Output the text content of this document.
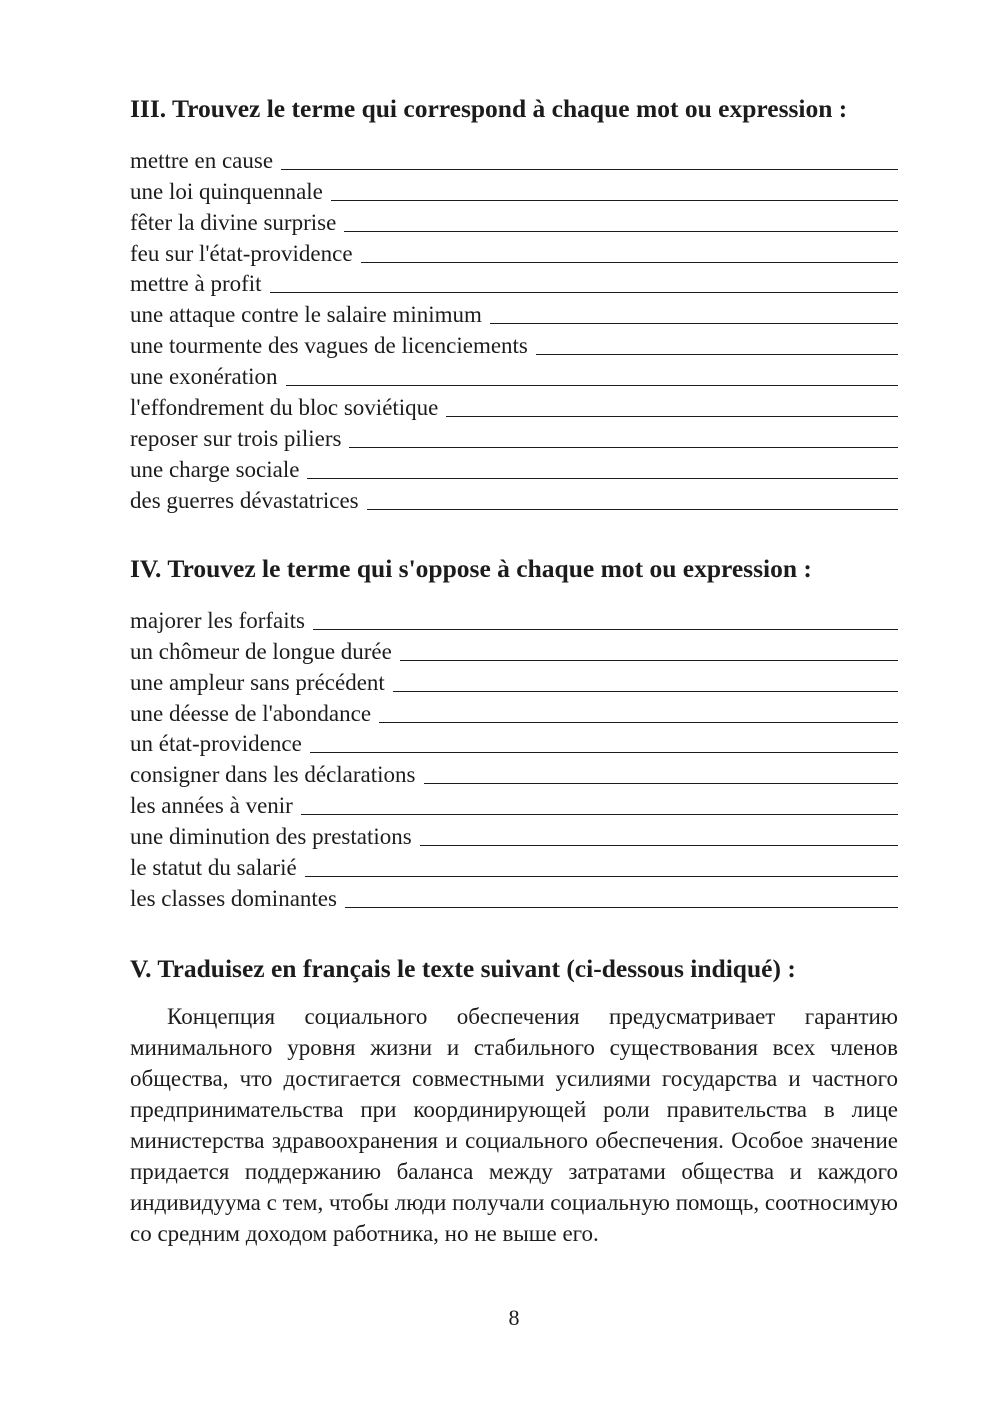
III. Trouvez le terme qui correspond à chaque mot ou expression :
mettre en cause
une loi quinquennale
fêter la divine surprise
feu sur l'état-providence
mettre à profit
une attaque contre le salaire minimum
une tourmente des vagues de licenciements
une exonération
l'effondrement du bloc soviétique
reposer sur trois piliers
une charge sociale
des guerres dévastatrices
IV. Trouvez le terme qui s'oppose à chaque mot ou expression :
majorer les forfaits
un chômeur de longue durée
une ampleur sans précédent
une déesse de l'abondance
un état-providence
consigner dans les déclarations
les années à venir
une diminution des prestations
le statut du salarié
les classes dominantes
V. Traduisez en français le texte suivant (ci-dessous indiqué) :

Концепция социального обеспечения предусматривает гарантию минимального уровня жизни и стабильного существования всех членов общества, что достигается совместными усилиями государства и частного предпринимательства при координирующей роли правительства в лице министерства здравоохранения и социального обеспечения. Особое значение придается поддержанию баланса между затратами общества и каждого индивидуума с тем, чтобы люди получали социальную помощь, соотносимую со средним доходом работника, но не выше его.

8
